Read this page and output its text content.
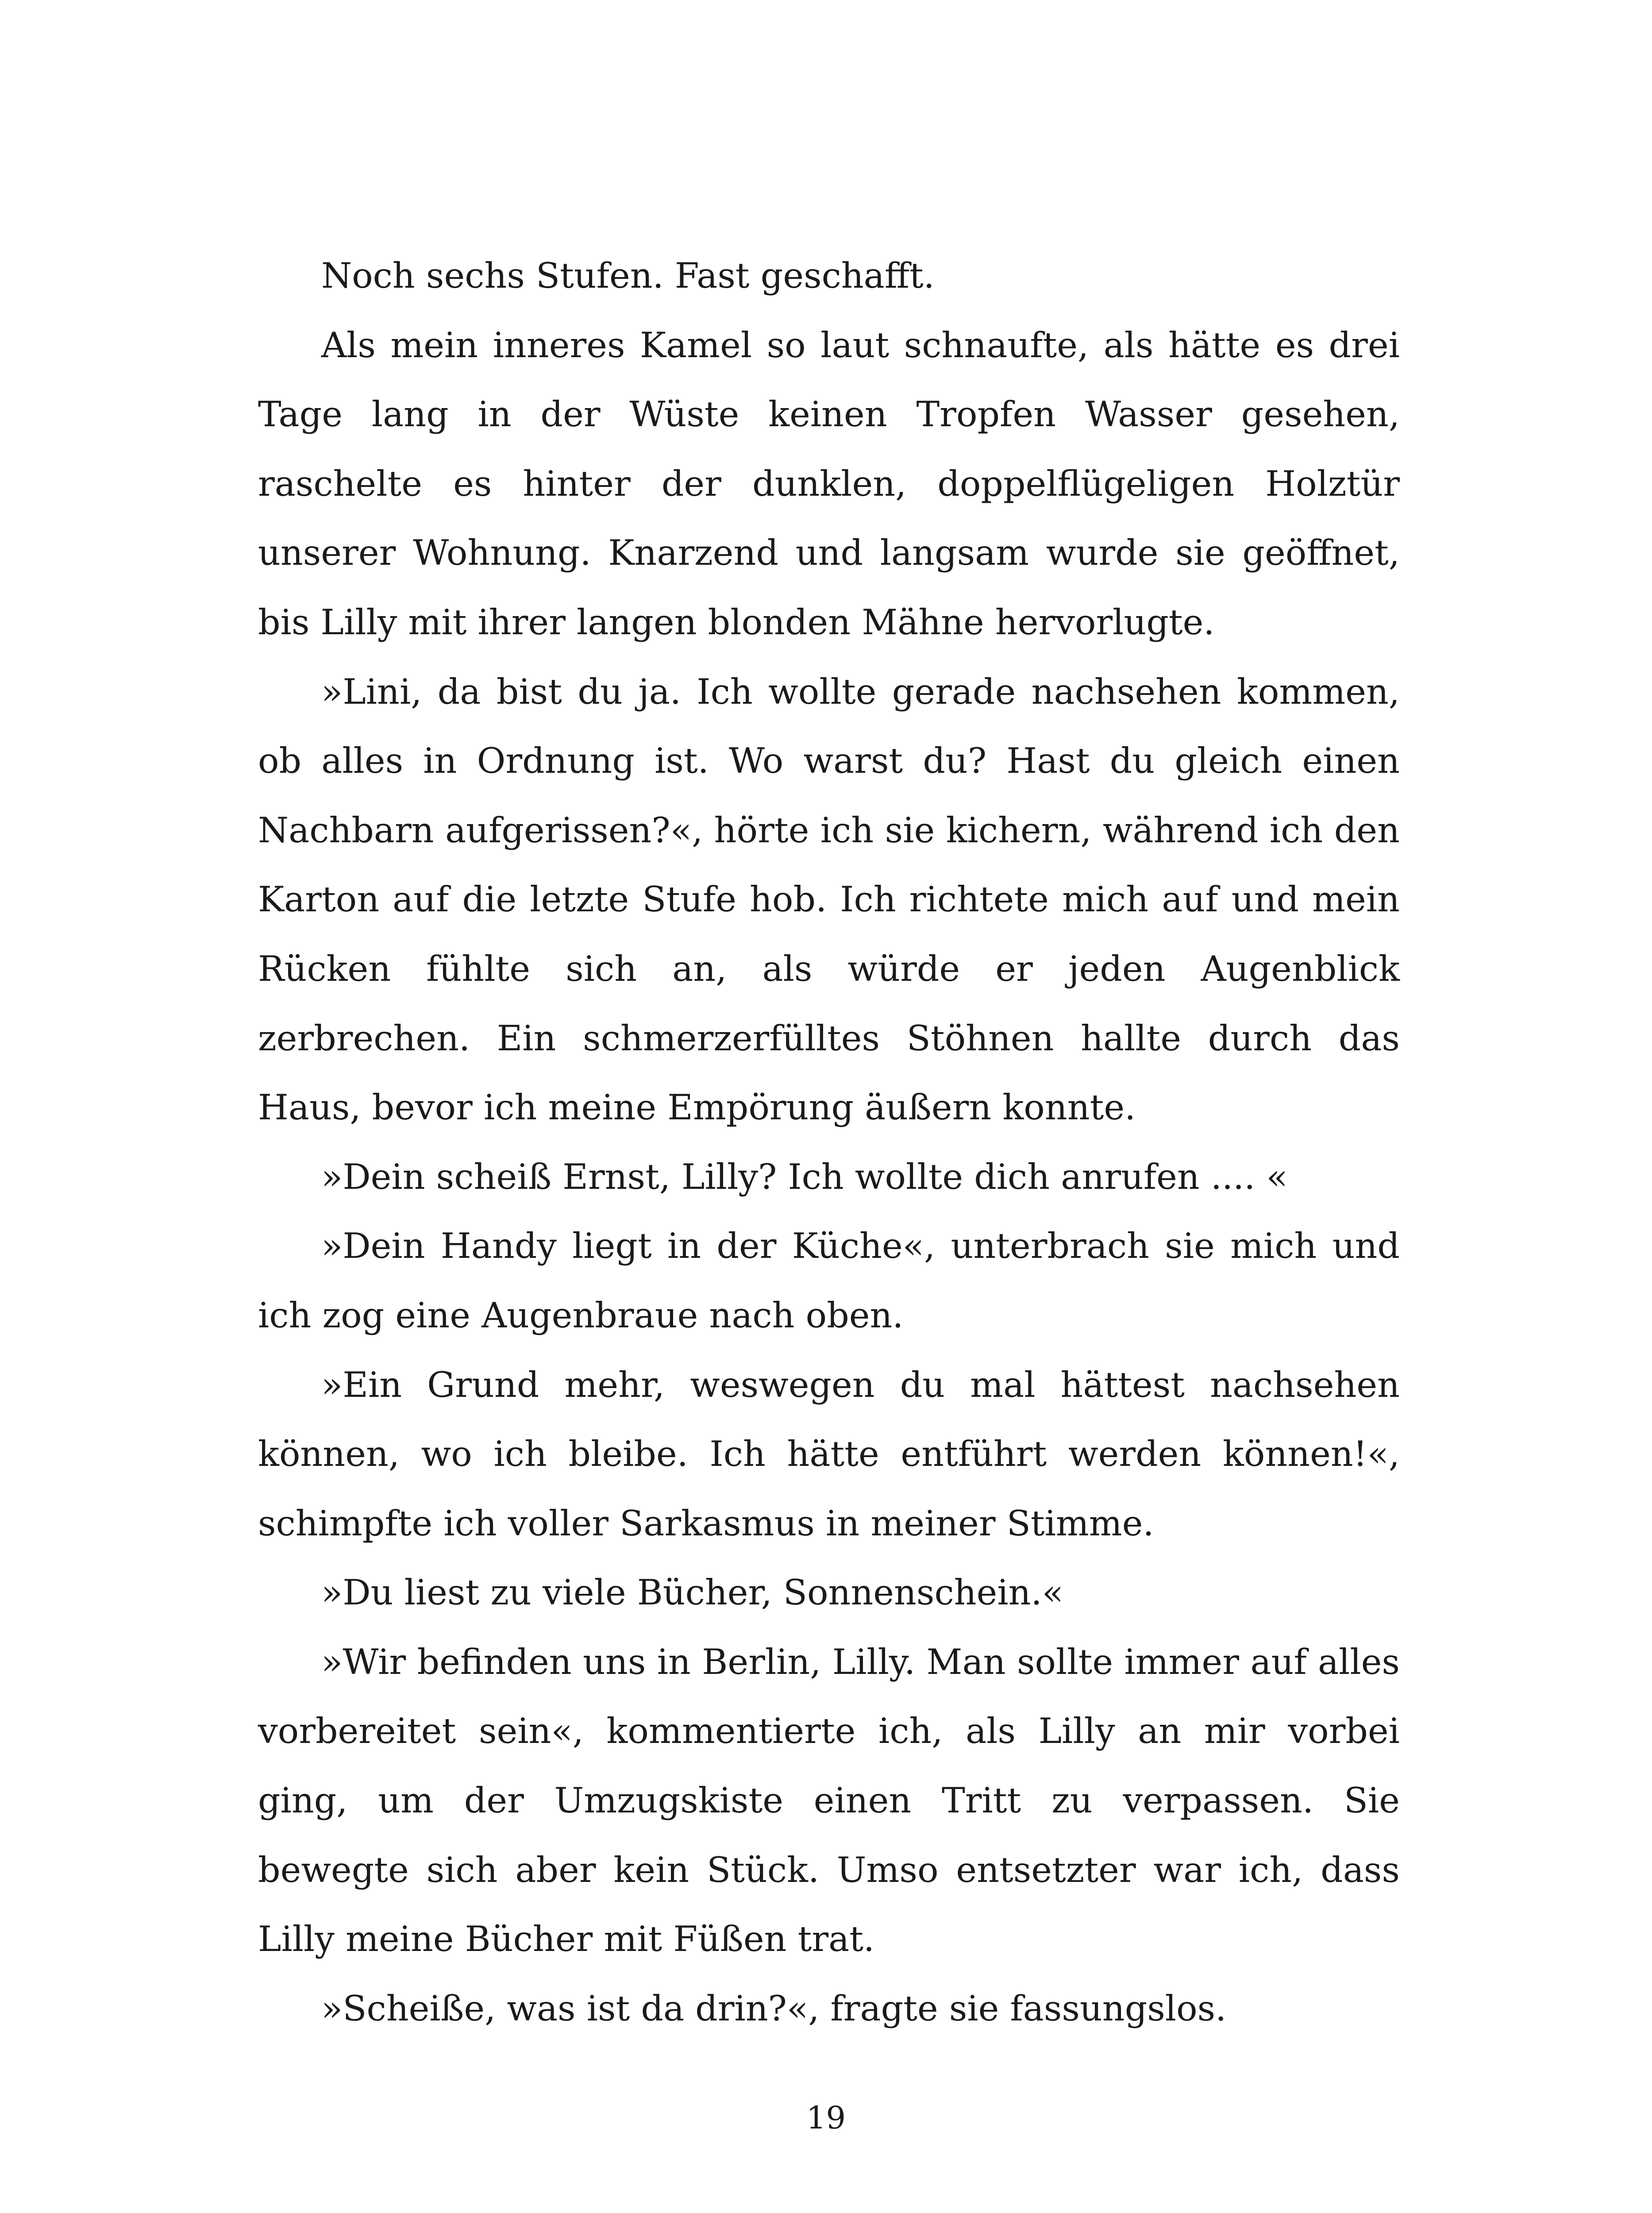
Noch sechs Stufen. Fast geschafft.

Als mein inneres Kamel so laut schnaufte, als hätte es drei Tage lang in der Wüste keinen Tropfen Wasser gesehen, raschelte es hinter der dunklen, doppelflügeligen Holztür unserer Wohnung. Knarzend und langsam wurde sie geöffnet, bis Lilly mit ihrer langen blonden Mähne hervorlugte.

»Lini, da bist du ja. Ich wollte gerade nachsehen kommen, ob alles in Ordnung ist. Wo warst du? Hast du gleich einen Nachbarn aufgerissen?«, hörte ich sie kichern, während ich den Karton auf die letzte Stufe hob. Ich richtete mich auf und mein Rücken fühlte sich an, als würde er jeden Augenblick zerbrechen. Ein schmerzerfülltes Stöhnen hallte durch das Haus, bevor ich meine Empörung äußern konnte.

»Dein scheiß Ernst, Lilly? Ich wollte dich anrufen .... «

»Dein Handy liegt in der Küche«, unterbrach sie mich und ich zog eine Augenbraue nach oben.

»Ein Grund mehr, weswegen du mal hättest nachsehen können, wo ich bleibe. Ich hätte entführt werden können!«, schimpfte ich voller Sarkasmus in meiner Stimme.

»Du liest zu viele Bücher, Sonnenschein.«

»Wir befinden uns in Berlin, Lilly. Man sollte immer auf alles vorbereitet sein«, kommentierte ich, als Lilly an mir vorbei ging, um der Umzugskiste einen Tritt zu verpassen. Sie bewegte sich aber kein Stück. Umso entsetzter war ich, dass Lilly meine Bücher mit Füßen trat.

»Scheiße, was ist da drin?«, fragte sie fassungslos.

19
